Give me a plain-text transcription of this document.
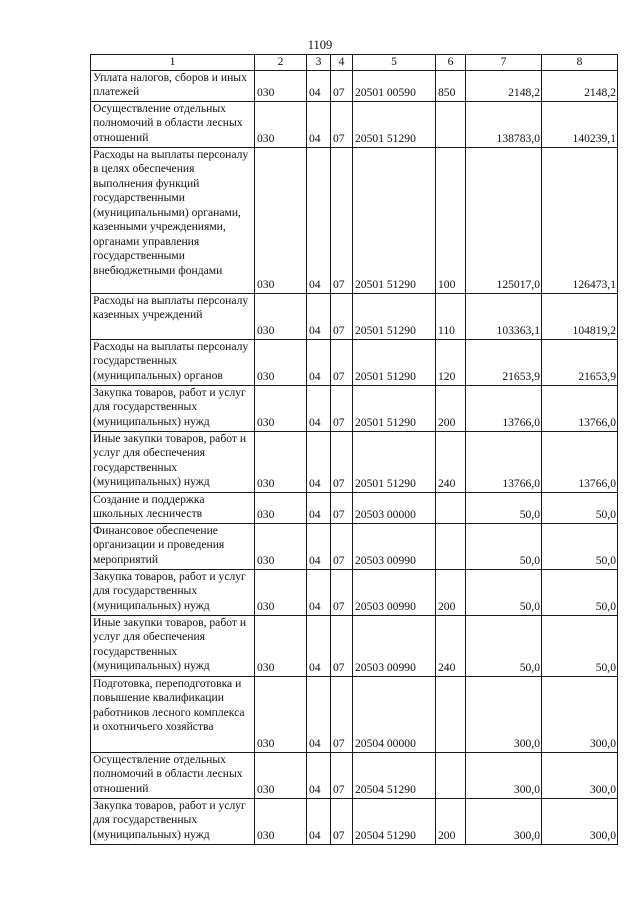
1109
1	2	3	4	5	6	7	8
Уплата налогов, сборов и иных платежей	030	04	07	20501 00590	850	2148,2	2148,2
Осуществление отдельных полномочий в области лесных отношений	030	04	07	20501 51290		138783,0	140239,1
Расходы на выплаты персоналу в целях обеспечения выполнения функций государственными (муниципальными) органами, казенными учреждениями, органами управления государственными внебюджетными фондами	030	04	07	20501 51290	100	125017,0	126473,1
Расходы на выплаты персоналу казенных учреждений	030	04	07	20501 51290	110	103363,1	104819,2
Расходы на выплаты персоналу государственных (муниципальных) органов	030	04	07	20501 51290	120	21653,9	21653,9
Закупка товаров, работ и услуг для государственных (муниципальных) нужд	030	04	07	20501 51290	200	13766,0	13766,0
Иные закупки товаров, работ и услуг для обеспечения государственных (муниципальных) нужд	030	04	07	20501 51290	240	13766,0	13766,0
Создание и поддержка школьных лесничеств	030	04	07	20503 00000		50,0	50,0
Финансовое обеспечение организации и проведения мероприятий	030	04	07	20503 00990		50,0	50,0
Закупка товаров, работ и услуг для государственных (муниципальных) нужд	030	04	07	20503 00990	200	50,0	50,0
Иные закупки товаров, работ и услуг для обеспечения государственных (муниципальных) нужд	030	04	07	20503 00990	240	50,0	50,0
Подготовка, переподготовка и повышение квалификации работников лесного комплекса и охотничьего хозяйства	030	04	07	20504 00000		300,0	300,0
Осуществление отдельных полномочий в области лесных отношений	030	04	07	20504 51290		300,0	300,0
Закупка товаров, работ и услуг для государственных (муниципальных) нужд	030	04	07	20504 51290	200	300,0	300,0
